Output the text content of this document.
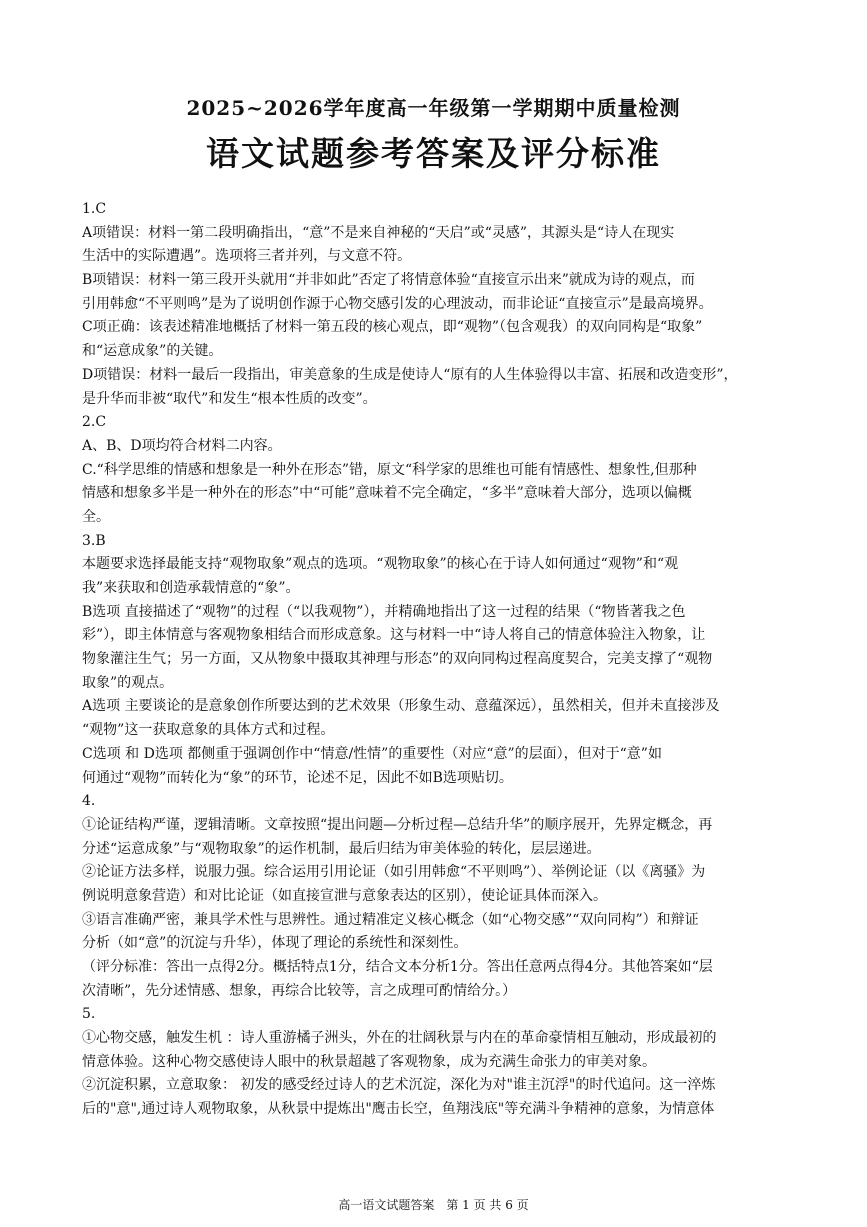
2025~2026学年度高一年级第一学期期中质量检测
语文试题参考答案及评分标准
1.C
A项错误：材料一第二段明确指出，“意”不是来自神秘的“天启”或“灵感”，其源头是“诗人在现实
生活中的实际遭遇”。选项将三者并列，与文意不符。
B项错误：材料一第三段开头就用“并非如此”否定了将情意体验“直接宣示出来”就成为诗的观点，而
引用韩愈“不平则鸣”是为了说明创作源于心物交感引发的心理波动，而非论证“直接宣示”是最高境界。
C项正确：该表述精准地概括了材料一第五段的核心观点，即“观物”（包含观我）的双向同构是“取象”
和“运意成象”的关键。
D项错误：材料一最后一段指出，审美意象的生成是使诗人“原有的人生体验得以丰富、拓展和改造变形”，
是升华而非被“取代”和发生“根本性质的改变”。
2.C
A、B、D项均符合材料二内容。
C.“科学思维的情感和想象是一种外在形态”错，原文“科学家的思维也可能有情感性、想象性,但那种
情感和想象多半是一种外在的形态”中“可能”意味着不完全确定，“多半”意味着大部分，选项以偏概
全。
3.B
本题要求选择最能支持“观物取象”观点的选项。“观物取象”的核心在于诗人如何通过“观物”和“观
我”来获取和创造承载情意的“象”。
B选项 直接描述了“观物”的过程（“以我观物”），并精确地指出了这一过程的结果（“物皆著我之色
彩”），即主体情意与客观物象相结合而形成意象。这与材料一中“诗人将自己的情意体验注入物象，让
物象灌注生气；另一方面，又从物象中摄取其神理与形态”的双向同构过程高度契合，完美支撑了“观物
取象”的观点。
A选项 主要谈论的是意象创作所要达到的艺术效果（形象生动、意蕴深远），虽然相关，但并未直接涉及
“观物”这一获取意象的具体方式和过程。
C选项 和 D选项 都侧重于强调创作中“情意/性情”的重要性（对应“意”的层面），但对于“意”如
何通过“观物”而转化为“象”的环节，论述不足，因此不如B选项贴切。
4.
①论证结构严谨，逻辑清晰。文章按照“提出问题—分析过程—总结升华”的顺序展开，先界定概念，再
分述“运意成象”与“观物取象”的运作机制，最后归结为审美体验的转化，层层递进。
②论证方法多样，说服力强。综合运用引用论证（如引用韩愈“不平则鸣”）、举例论证（以《离骚》为
例说明意象营造）和对比论证（如直接宣泄与意象表达的区别），使论证具体而深入。
③语言准确严密，兼具学术性与思辨性。通过精准定义核心概念（如“心物交感”“双向同构”）和辩证
分析（如“意”的沉淀与升华），体现了理论的系统性和深刻性。
（评分标准：答出一点得2分。概括特点1分，结合文本分析1分。答出任意两点得4分。其他答案如“层
次清晰”，先分述情感、想象，再综合比较等，言之成理可酌情给分。）
5.
①心物交感，触发生机 ：诗人重游橘子洲头，外在的壮阔秋景与内在的革命豪情相互触动，形成最初的
情意体验。这种心物交感使诗人眼中的秋景超越了客观物象，成为充满生命张力的审美对象。
②沉淀积累，立意取象： 初发的感受经过诗人的艺术沉淀，深化为对"谁主沉浮"的时代追问。这一淬炼
后的"意",通过诗人观物取象，从秋景中提炼出"鹰击长空，鱼翔浅底"等充满斗争精神的意象，为情意体
高一语文试题答案　第 1 页 共 6 页
